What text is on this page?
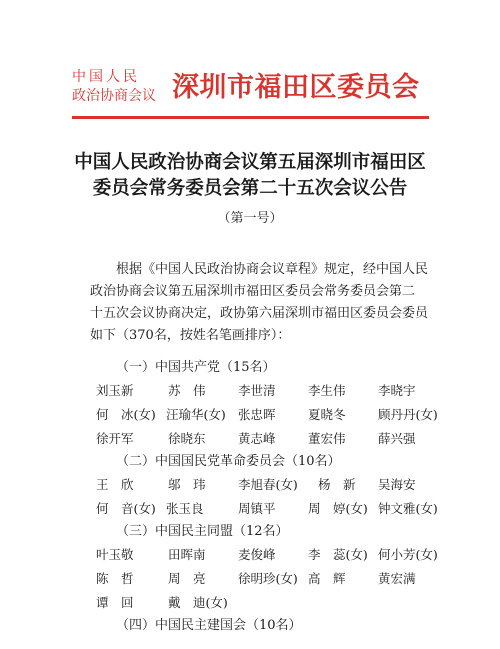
中国人民
政治协商会议 深圳市福田区委员会
中国人民政治协商会议第五届深圳市福田区
委员会常务委员会第二十五次会议公告
（第一号）
根据《中国人民政治协商会议章程》规定，经中国人民
政治协商会议第五届深圳市福田区委员会常务委员会第二
十五次会议协商决定，政协第六届深圳市福田区委员会委员
如下（370名，按姓名笔画排序）：
（一）中国共产党（15名）
刘玉新	苏　伟	李世清	李生伟	李晓宇
何　冰(女) 汪瑜华(女) 张忠晖	夏晓冬	顾丹丹(女)
徐开军	徐晓东	黄志峰	董宏伟	薛兴强
（二）中国国民党革命委员会（10名）
王　欣	邬　玮	李旭春(女) 杨　新 吴海安
何　音(女) 张玉良	周镇平	周　婷(女) 钟文雅(女)
（三）中国民主同盟（12名）
叶玉敬	田晖南	麦俊峰	李　蕊(女) 何小芳(女)
陈　哲	周　亮	徐明珍(女) 高　辉	黄宏满
谭　回	戴　迪(女)
（四）中国民主建国会（10名）
